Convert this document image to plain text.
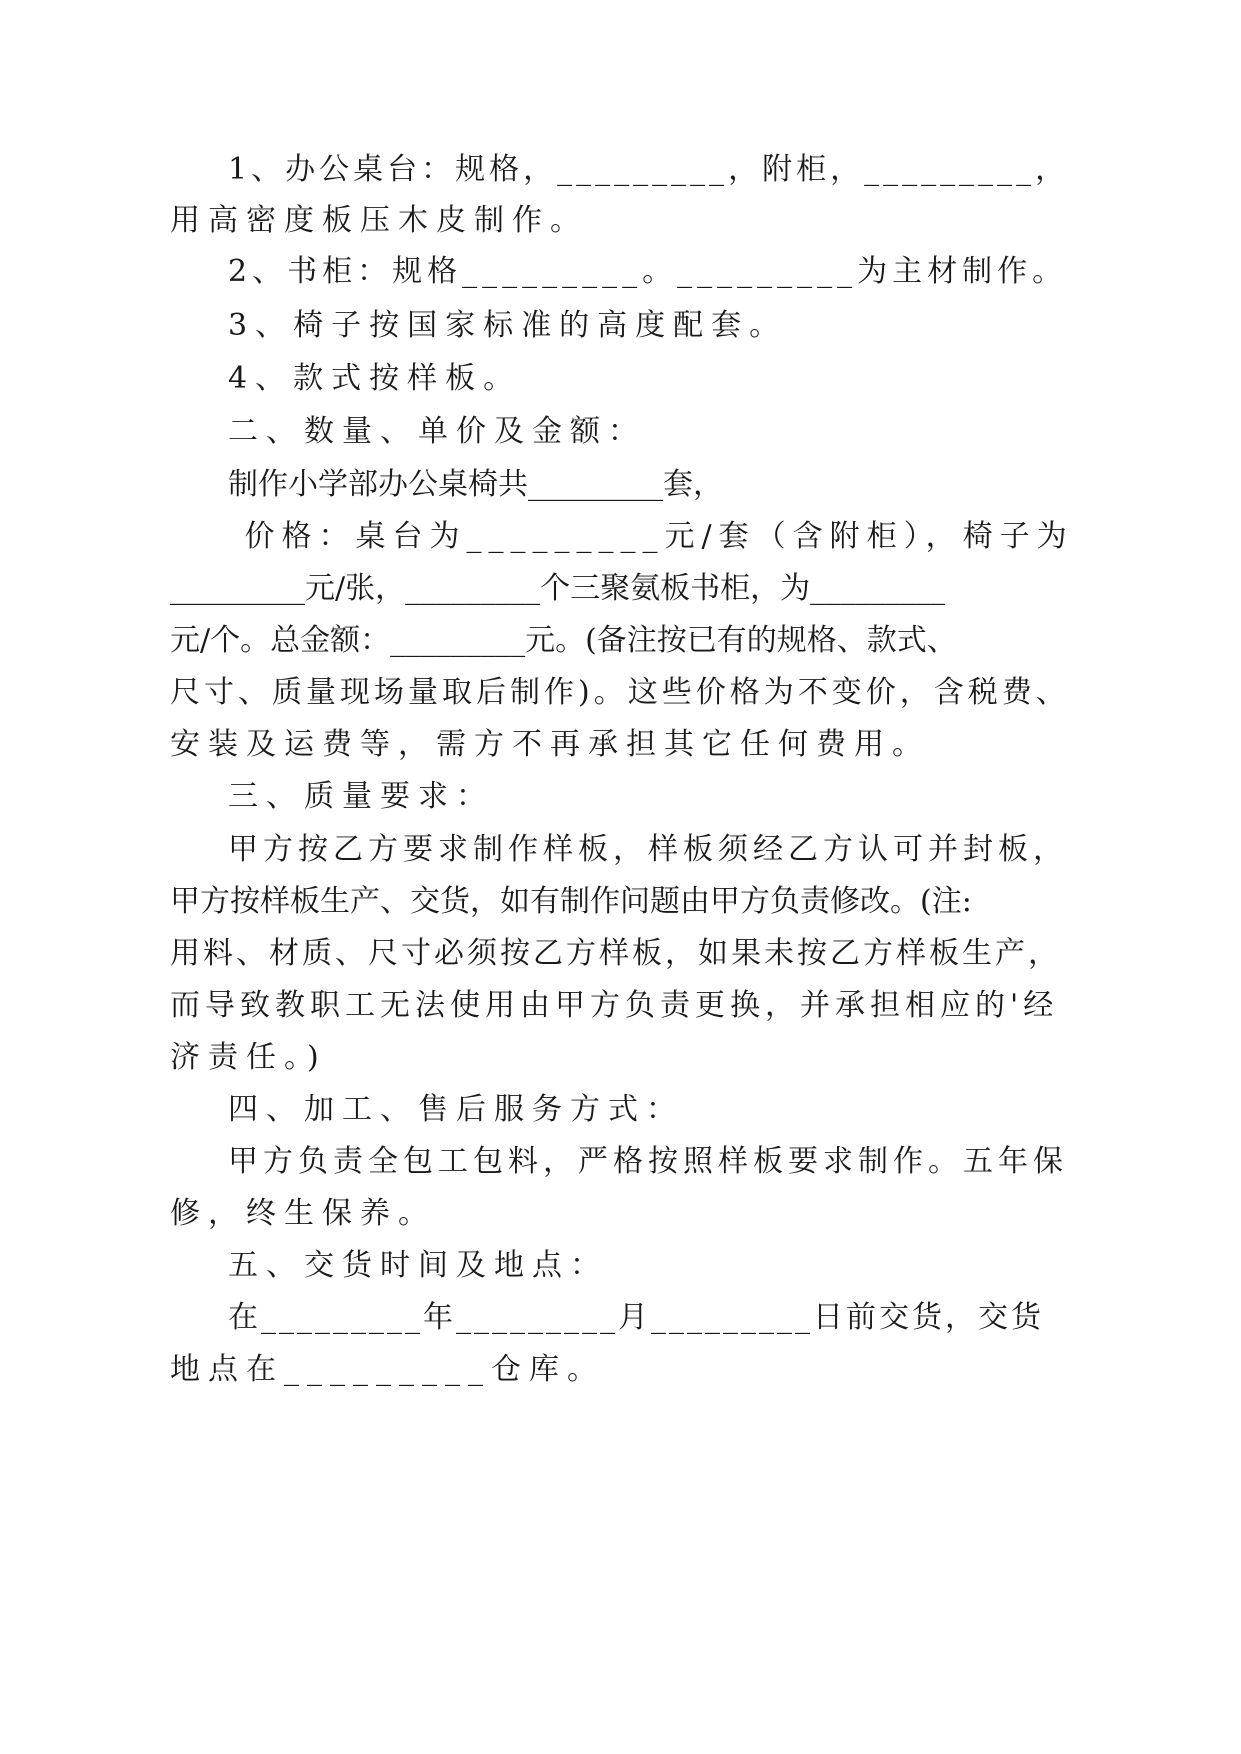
1、办公桌台：规格，_________，附柜，_________，
用高密度板压木皮制作。
2、书柜：规格_________。_________为主材制作。
3、椅子按国家标准的高度配套。
4、款式按样板。
二、数量、单价及金额：
制作小学部办公桌椅共_________套，
价格：桌台为_________元/套（含附柜），椅子为
_________元/张，_________个三聚氨板书柜，为_________
元/个。总金额：_________元。(备注按已有的规格、款式、
尺寸、质量现场量取后制作)。这些价格为不变价，含税费、
安装及运费等，需方不再承担其它任何费用。
三、质量要求：
甲方按乙方要求制作样板，样板须经乙方认可并封板，
甲方按样板生产、交货，如有制作问题由甲方负责修改。(注:
用料、材质、尺寸必须按乙方样板，如果未按乙方样板生产，
而导致教职工无法使用由甲方负责更换，并承担相应的'经
济责任。)
四、加工、售后服务方式：
甲方负责全包工包料，严格按照样板要求制作。五年保
修，终生保养。
五、交货时间及地点：
在_________年_________月_________日前交货，交货
地点在_________仓库。
